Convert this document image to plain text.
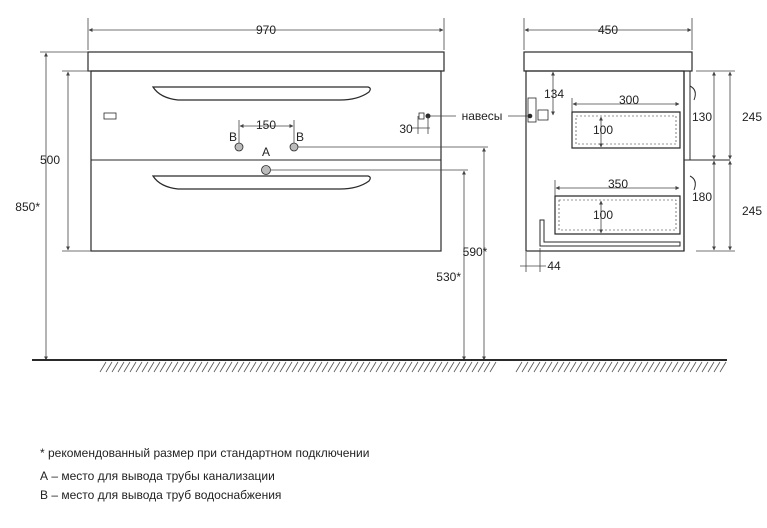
970	450
500
850*
150
B	B
A
30
навесы
590*
530*
134	300
100
130 245
350
100
180
245
44
* рекомендованный размер при стандартном подключении
А – место для вывода трубы канализации
В – место для вывода труб водоснабжения
